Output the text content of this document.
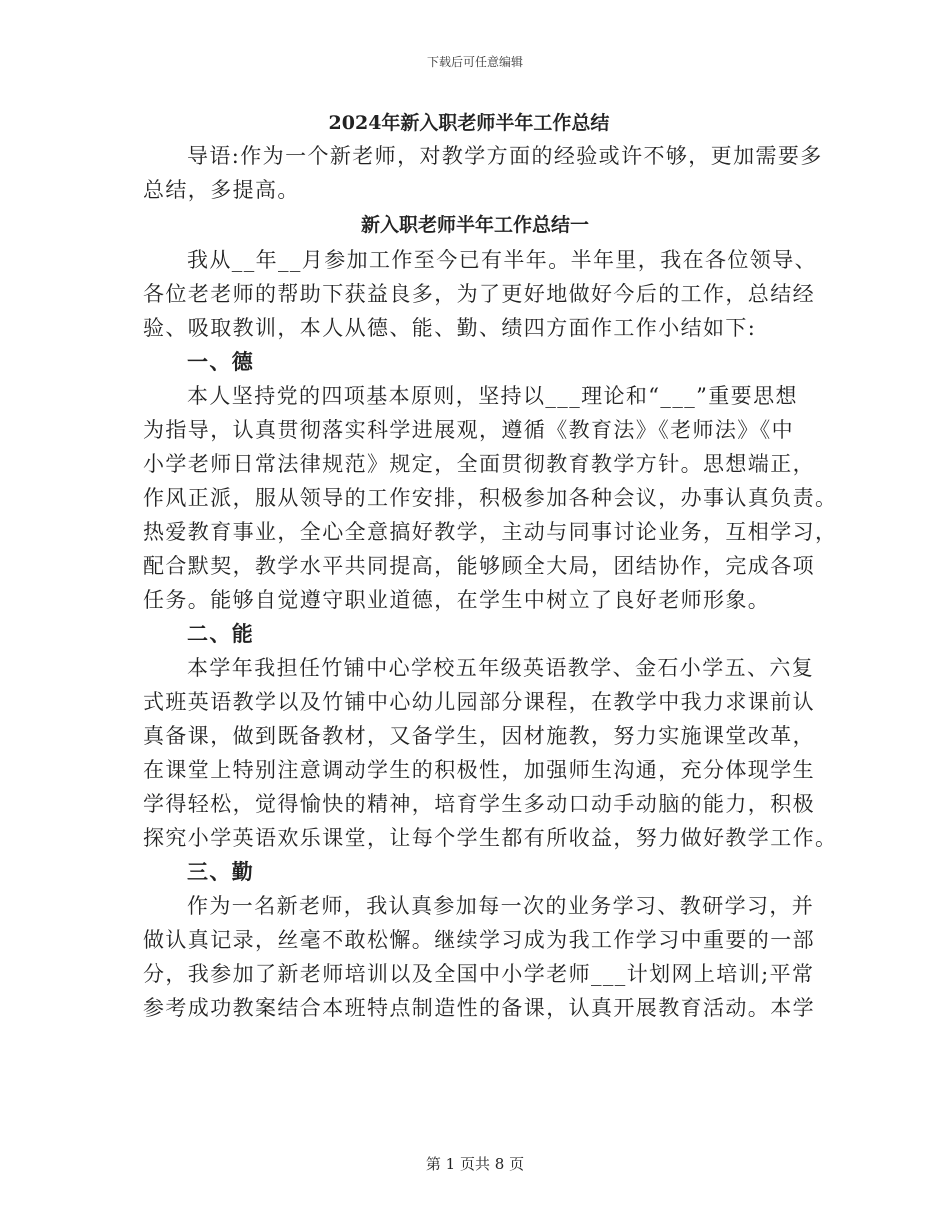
下载后可任意编辑
2024年新入职老师半年工作总结
导语:作为一个新老师，对教学方面的经验或许不够，更加需要多
总结，多提高。
新入职老师半年工作总结一
我从__年__月参加工作至今已有半年。半年里，我在各位领导、
各位老老师的帮助下获益良多，为了更好地做好今后的工作，总结经
验、吸取教训，本人从德、能、勤、绩四方面作工作小结如下:
一、德
本人坚持党的四项基本原则，坚持以___理论和“___”重要思想
为指导，认真贯彻落实科学进展观，遵循《教育法》《老师法》《中
小学老师日常法律规范》规定，全面贯彻教育教学方针。思想端正，
作风正派，服从领导的工作安排，积极参加各种会议，办事认真负责。
热爱教育事业，全心全意搞好教学，主动与同事讨论业务，互相学习，
配合默契，教学水平共同提高，能够顾全大局，团结协作，完成各项
任务。能够自觉遵守职业道德，在学生中树立了良好老师形象。
二、能
本学年我担任竹铺中心学校五年级英语教学、金石小学五、六复
式班英语教学以及竹铺中心幼儿园部分课程，在教学中我力求课前认
真备课，做到既备教材，又备学生，因材施教，努力实施课堂改革，
在课堂上特别注意调动学生的积极性，加强师生沟通，充分体现学生
学得轻松，觉得愉快的精神，培育学生多动口动手动脑的能力，积极
探究小学英语欢乐课堂，让每个学生都有所收益，努力做好教学工作。
三、勤
作为一名新老师，我认真参加每一次的业务学习、教研学习，并
做认真记录，丝毫不敢松懈。继续学习成为我工作学习中重要的一部
分，我参加了新老师培训以及全国中小学老师___计划网上培训;平常
参考成功教案结合本班特点制造性的备课，认真开展教育活动。本学
第 1 页共 8 页
